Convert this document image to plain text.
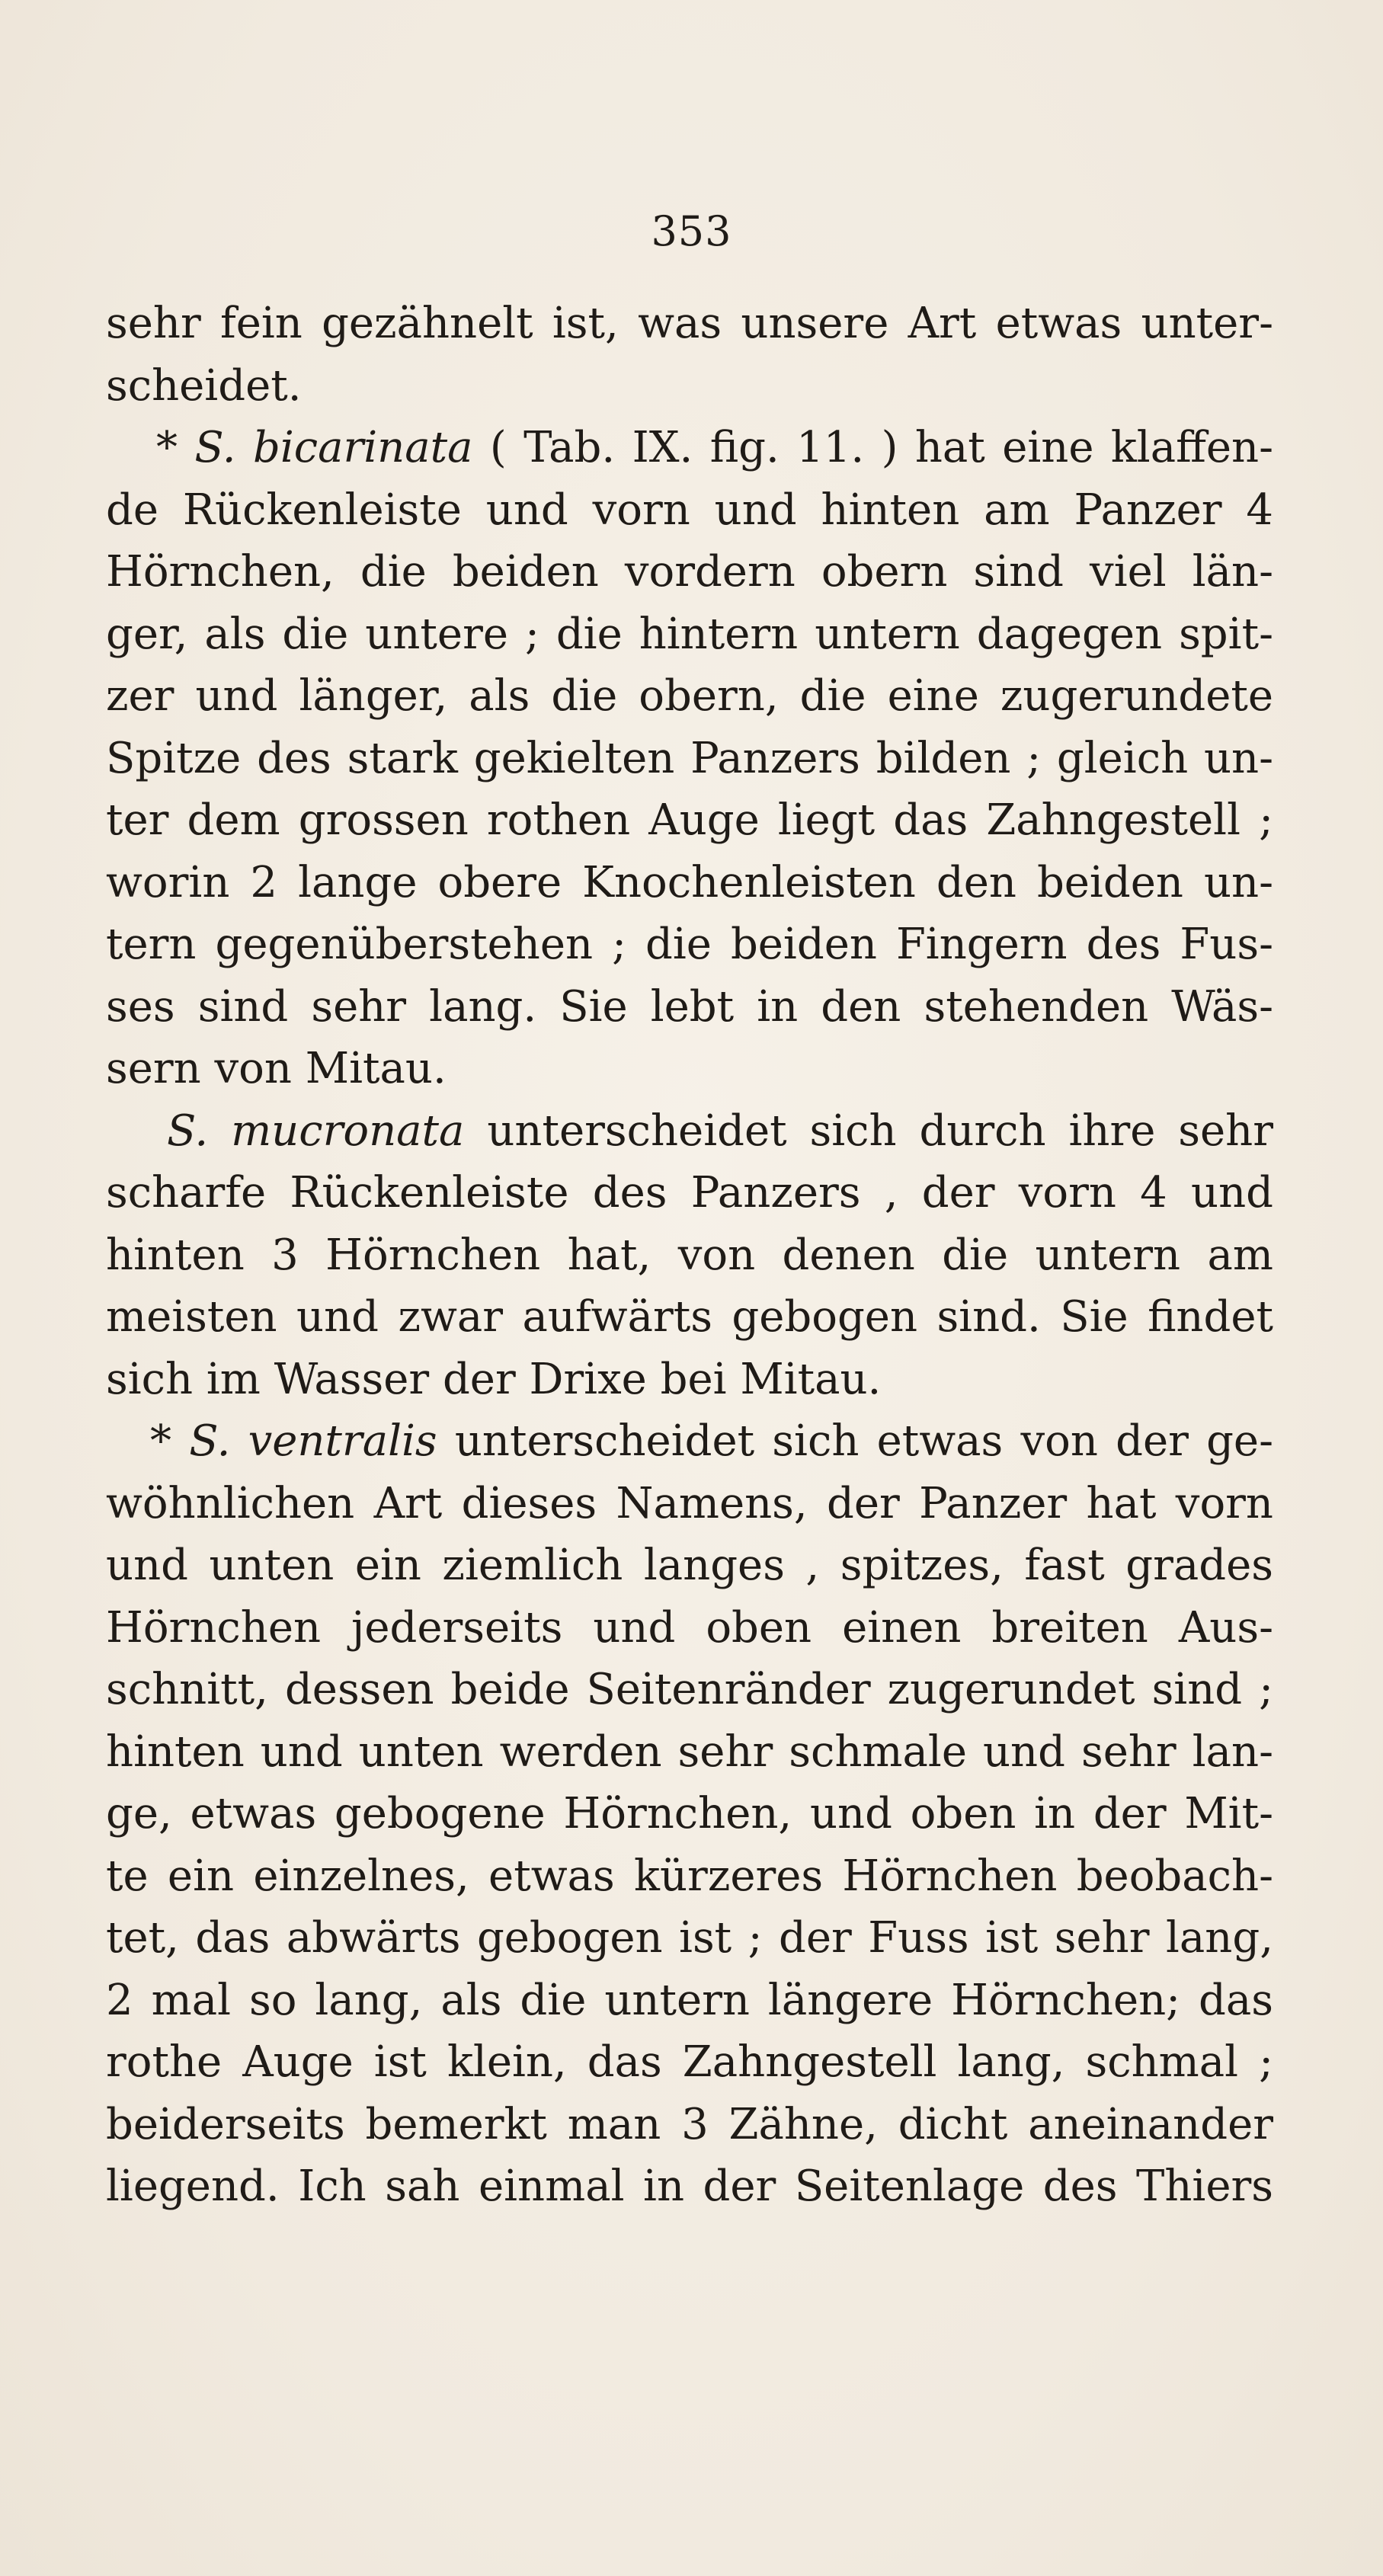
353
sehr fein gezähnelt ist, was unsere Art etwas unter-
scheidet.
* S. bicarinata ( Tab. IX. fig. 11. ) hat eine klaffen-
de Rückenleiste und vorn und hinten am Panzer 4
Hörnchen, die beiden vordern obern sind viel län-
ger, als die untere ; die hintern untern dagegen spit-
zer und länger, als die obern, die eine zugerundete
Spitze des stark gekielten Panzers bilden ; gleich un-
ter dem grossen rothen Auge liegt das Zahngestell ;
worin 2 lange obere Knochenleisten den beiden un-
tern gegenüberstehen ; die beiden Fingern des Fus-
ses sind sehr lang. Sie lebt in den stehenden Wäs-
sern von Mitau.
S. mucronata unterscheidet sich durch ihre sehr
scharfe Rückenleiste des Panzers , der vorn 4 und
hinten 3 Hörnchen hat, von denen die untern am
meisten und zwar aufwärts gebogen sind. Sie findet
sich im Wasser der Drixe bei Mitau.
* S. ventralis unterscheidet sich etwas von der ge-
wöhnlichen Art dieses Namens, der Panzer hat vorn
und unten ein ziemlich langes , spitzes, fast grades
Hörnchen jederseits und oben einen breiten Aus-
schnitt, dessen beide Seitenränder zugerundet sind ;
hinten und unten werden sehr schmale und sehr lan-
ge, etwas gebogene Hörnchen, und oben in der Mit-
te ein einzelnes, etwas kürzeres Hörnchen beobach-
tet, das abwärts gebogen ist ; der Fuss ist sehr lang,
2 mal so lang, als die untern längere Hörnchen; das
rothe Auge ist klein, das Zahngestell lang, schmal ;
beiderseits bemerkt man 3 Zähne, dicht aneinander
liegend. Ich sah einmal in der Seitenlage des Thiers
